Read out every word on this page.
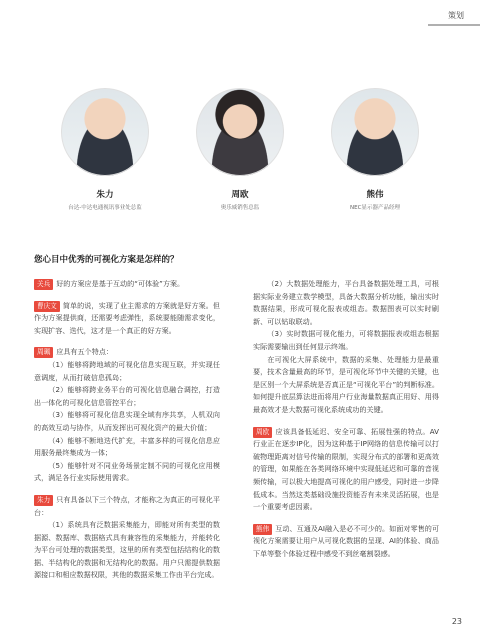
策划
朱力
台达-中达电通视讯事业处总监
周欧
奥乐威销售总监
熊伟
NEC显示器产品经理
您心目中优秀的可视化方案是怎样的？

关兵 好的方案应是基于互动的“可体验”方案。

曹庆文 简单的说，实现了业主需求的方案就是好方案。但作为方案提供商，还需要考虑弹性，系统要能随需求变化，实现扩容、迭代，这才是一个真正的好方案。

周珮 应具有五个特点：

（1）能够将跨地域的可视化信息实现互联，并实现任意调度，从而打破信息孤岛；

（2）能够将跨业务平台的可视化信息融合调控，打造出一体化的可视化信息管控平台；

（3）能够将可视化信息实现全域有序共享，人机双向的高效互动与协作，从而发挥出可视化资产的最大价值；

（4）能够不断地迭代扩充，丰富多样的可视化信息应用服务最终集成为一体；

（5）能够针对不同业务场景定制不同的可视化应用模式，满足各行业实际使用需求。

朱力 只有具备以下三个特点，才能称之为真正的可视化平台：

（1）系统具有泛数据采集能力，即能对所有类型的数据源、数据库、数据格式具有兼容性的采集能力，并能转化为平台可处理的数据类型，这里的所有类型包括结构化的数据、半结构化的数据和无结构化的数据。用户只需提供数据源接口和相应数据权限，其他的数据采集工作由平台完成。

（2）大数据处理能力，平台具备数据处理工具，可根据实际业务建立数学模型，具备大数据分析功能，输出实时数据结果，形成可视化报表或组态。数据图表可以实时刷新、可以钻取联动。

（3）实时数据可视化能力，可将数据报表或组态根据实际需要输出到任何显示终端。

在可视化大屏系统中，数据的采集、处理能力是最重要，技术含量最高的环节，是可视化环节中关键的关键，也是区别一个大屏系统是否真正是“可视化平台”的判断标准。如何提升底层算法进而将用户行业海量数据真正用好、用得最高效才是大数据可视化系统成功的关键。

周欧 应该具备低延迟、安全可靠、拓展性强的特点。AV行业正在逐步IP化，因为这种基于IP网络的信息传输可以打破物理距离对信号传输的限制，实现分布式的部署和更高效的管理，如果能在各类网络环境中实现低延迟和可靠的音视频传输，可以极大地提高可视化的用户感受，同时进一步降低成本。当然这类基础设施投资能否有未来灵活拓展，也是一个重要考虑因素。

熊伟 互动、互通及AI融入是必不可少的。如面对零售的可视化方案需要让用户从可视化数据的呈现、AI的体验、商品下单等整个体验过程中感受不到丝毫割裂感。

23
